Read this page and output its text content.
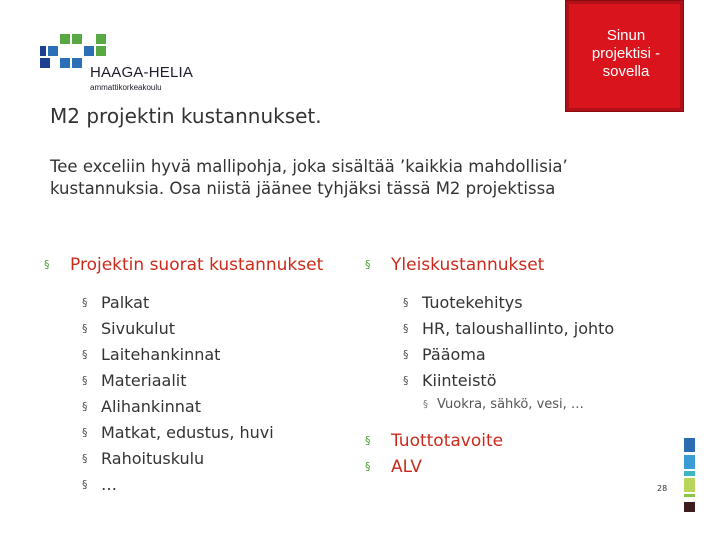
HAAGA-HELIA
ammattikorkeakoulu
Sinun projektisi - sovella
M2 projektin kustannukset.
Tee exceliin hyvä mallipohja, joka sisältää ’kaikkia mahdollisia’ kustannuksia. Osa niistä jäänee tyhjäksi tässä M2 projektissa
§ Projektin suorat kustannukset
§ Palkat
§ Sivukulut
§ Laitehankinnat
§ Materiaalit
§ Alihankinnat
§ Matkat, edustus, huvi
§ Rahoituskulu
§ …
§ Yleiskustannukset
§ Tuotekehitys
§ HR, taloushallinto, johto
§ Pääoma
§ Kiinteistö
§ Vuokra, sähkö, vesi, …
§ Tuottotavoite
§ ALV
28
